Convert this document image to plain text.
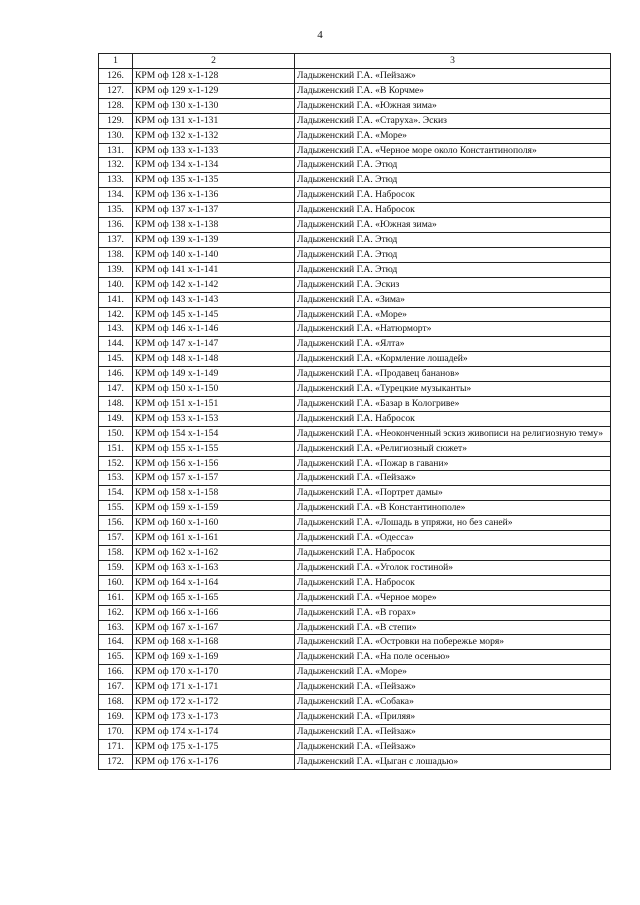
4
1	2	3
126.	КРМ оф 128 х-1-128	Ладыженский Г.А. «Пейзаж»
127.	КРМ оф 129 х-1-129	Ладыженский Г.А. «В Корчме»
128.	КРМ оф 130 х-1-130	Ладыженский Г.А. «Южная зима»
129.	КРМ оф 131 х-1-131	Ладыженский Г.А. «Старуха». Эскиз
130.	КРМ оф 132 х-1-132	Ладыженский Г.А. «Море»
131.	КРМ оф 133 х-1-133	Ладыженский Г.А. «Черное море около Константинополя»
132.	КРМ оф 134 х-1-134	Ладыженский Г.А. Этюд
133.	КРМ оф 135 х-1-135	Ладыженский Г.А. Этюд
134.	КРМ оф 136 х-1-136	Ладыженский Г.А. Набросок
135.	КРМ оф 137 х-1-137	Ладыженский Г.А. Набросок
136.	КРМ оф 138 х-1-138	Ладыженский Г.А. «Южная зима»
137.	КРМ оф 139 х-1-139	Ладыженский Г.А. Этюд
138.	КРМ оф 140 х-1-140	Ладыженский Г.А. Этюд
139.	КРМ оф 141 х-1-141	Ладыженский Г.А. Этюд
140.	КРМ оф 142 х-1-142	Ладыженский Г.А. Эскиз
141.	КРМ оф 143 х-1-143	Ладыженский Г.А. «Зима»
142.	КРМ оф 145 х-1-145	Ладыженский Г.А. «Море»
143.	КРМ оф 146 х-1-146	Ладыженский Г.А. «Натюрморт»
144.	КРМ оф 147 х-1-147	Ладыженский Г.А. «Ялта»
145.	КРМ оф 148 х-1-148	Ладыженский Г.А. «Кормление лошадей»
146.	КРМ оф 149 х-1-149	Ладыженский Г.А. «Продавец бананов»
147.	КРМ оф 150 х-1-150	Ладыженский Г.А. «Турецкие музыканты»
148.	КРМ оф 151 х-1-151	Ладыженский Г.А. «Базар в Кологриве»
149.	КРМ оф 153 х-1-153	Ладыженский Г.А. Набросок
150.	КРМ оф 154 х-1-154	Ладыженский Г.А. «Неоконченный эскиз живописи на религиозную тему»
151.	КРМ оф 155 х-1-155	Ладыженский Г.А. «Религиозный сюжет»
152.	КРМ оф 156 х-1-156	Ладыженский Г.А. «Пожар в гавани»
153.	КРМ оф 157 х-1-157	Ладыженский Г.А. «Пейзаж»
154.	КРМ оф 158 х-1-158	Ладыженский Г.А. «Портрет дамы»
155.	КРМ оф 159 х-1-159	Ладыженский Г.А. «В Константинополе»
156.	КРМ оф 160 х-1-160	Ладыженский Г.А. «Лошадь в упряжи, но без саней»
157.	КРМ оф 161 х-1-161	Ладыженский Г.А. «Одесса»
158.	КРМ оф 162 х-1-162	Ладыженский Г.А. Набросок
159.	КРМ оф 163 х-1-163	Ладыженский Г.А. «Уголок гостиной»
160.	КРМ оф 164 х-1-164	Ладыженский Г.А. Набросок
161.	КРМ оф 165 х-1-165	Ладыженский Г.А. «Черное море»
162.	КРМ оф 166 х-1-166	Ладыженский Г.А. «В горах»
163.	КРМ оф 167 х-1-167	Ладыженский Г.А. «В степи»
164.	КРМ оф 168 х-1-168	Ладыженский Г.А. «Островки на побережье моря»
165.	КРМ оф 169 х-1-169	Ладыженский Г.А. «На поле осенью»
166.	КРМ оф 170 х-1-170	Ладыженский Г.А. «Море»
167.	КРМ оф 171 х-1-171	Ладыженский Г.А. «Пейзаж»
168.	КРМ оф 172 х-1-172	Ладыженский Г.А. «Собака»
169.	КРМ оф 173 х-1-173	Ладыженский Г.А. «Приляя»
170.	КРМ оф 174 х-1-174	Ладыженский Г.А. «Пейзаж»
171.	КРМ оф 175 х-1-175	Ладыженский Г.А. «Пейзаж»
172.	КРМ оф 176 х-1-176	Ладыженский Г.А. «Цыган с лошадью»
